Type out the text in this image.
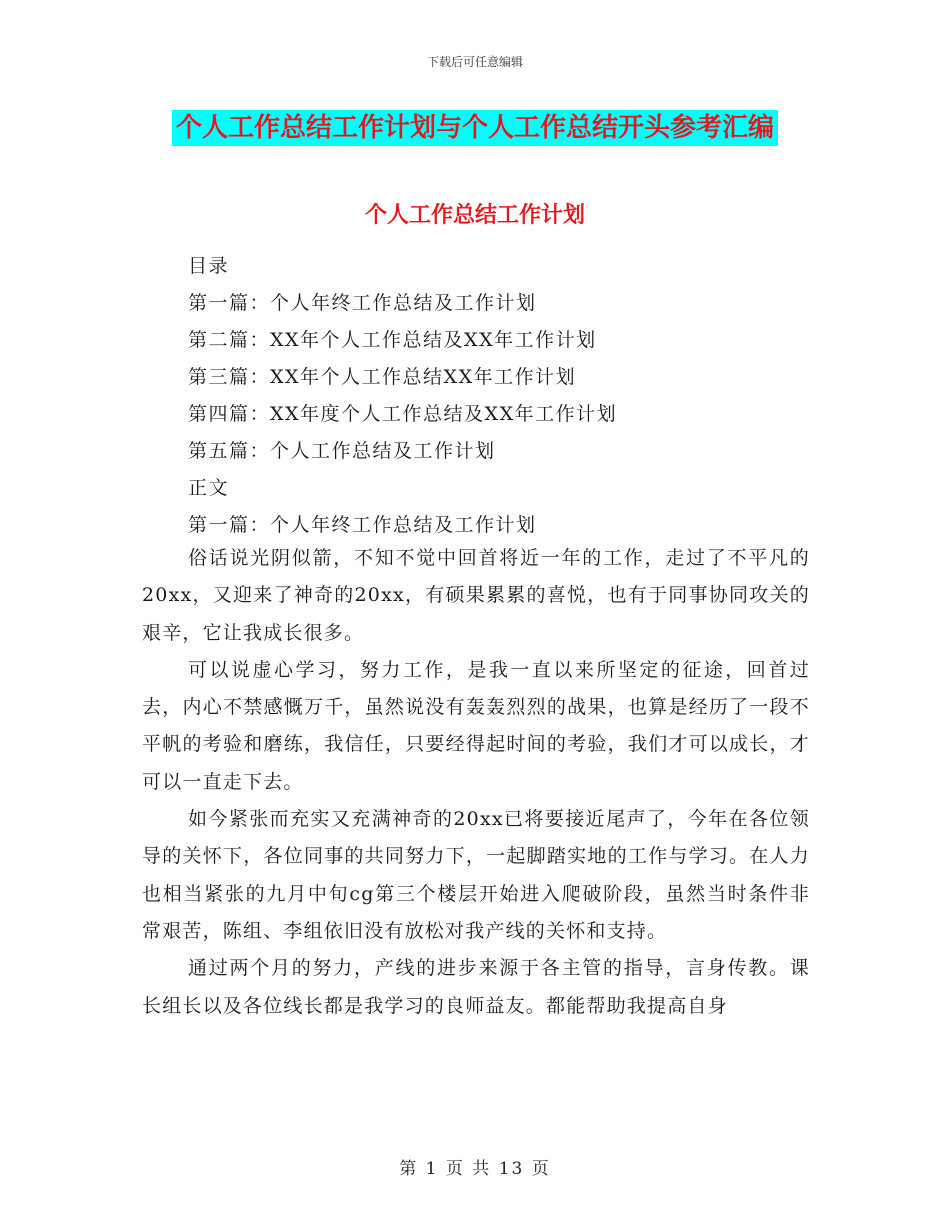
下载后可任意编辑
个人工作总结工作计划与个人工作总结开头参考汇编
个人工作总结工作计划
目录
第一篇：个人年终工作总结及工作计划
第二篇：XX年个人工作总结及XX年工作计划
第三篇：XX年个人工作总结XX年工作计划
第四篇：XX年度个人工作总结及XX年工作计划
第五篇：个人工作总结及工作计划
正文
第一篇：个人年终工作总结及工作计划

俗话说光阴似箭，不知不觉中回首将近一年的工作，走过了不平凡的20xx，又迎来了神奇的20xx，有硕果累累的喜悦，也有于同事协同攻关的艰辛，它让我成长很多。

可以说虚心学习，努力工作，是我一直以来所坚定的征途，回首过去，内心不禁感慨万千，虽然说没有轰轰烈烈的战果，也算是经历了一段不平帆的考验和磨练，我信任，只要经得起时间的考验，我们才可以成长，才可以一直走下去。

如今紧张而充实又充满神奇的20xx已将要接近尾声了，今年在各位领导的关怀下，各位同事的共同努力下，一起脚踏实地的工作与学习。在人力也相当紧张的九月中旬cg第三个楼层开始进入爬破阶段，虽然当时条件非常艰苦，陈组、李组依旧没有放松对我产线的关怀和支持。

通过两个月的努力，产线的进步来源于各主管的指导，言身传教。课长组长以及各位线长都是我学习的良师益友。都能帮助我提高自身

第 1 页 共 13 页
